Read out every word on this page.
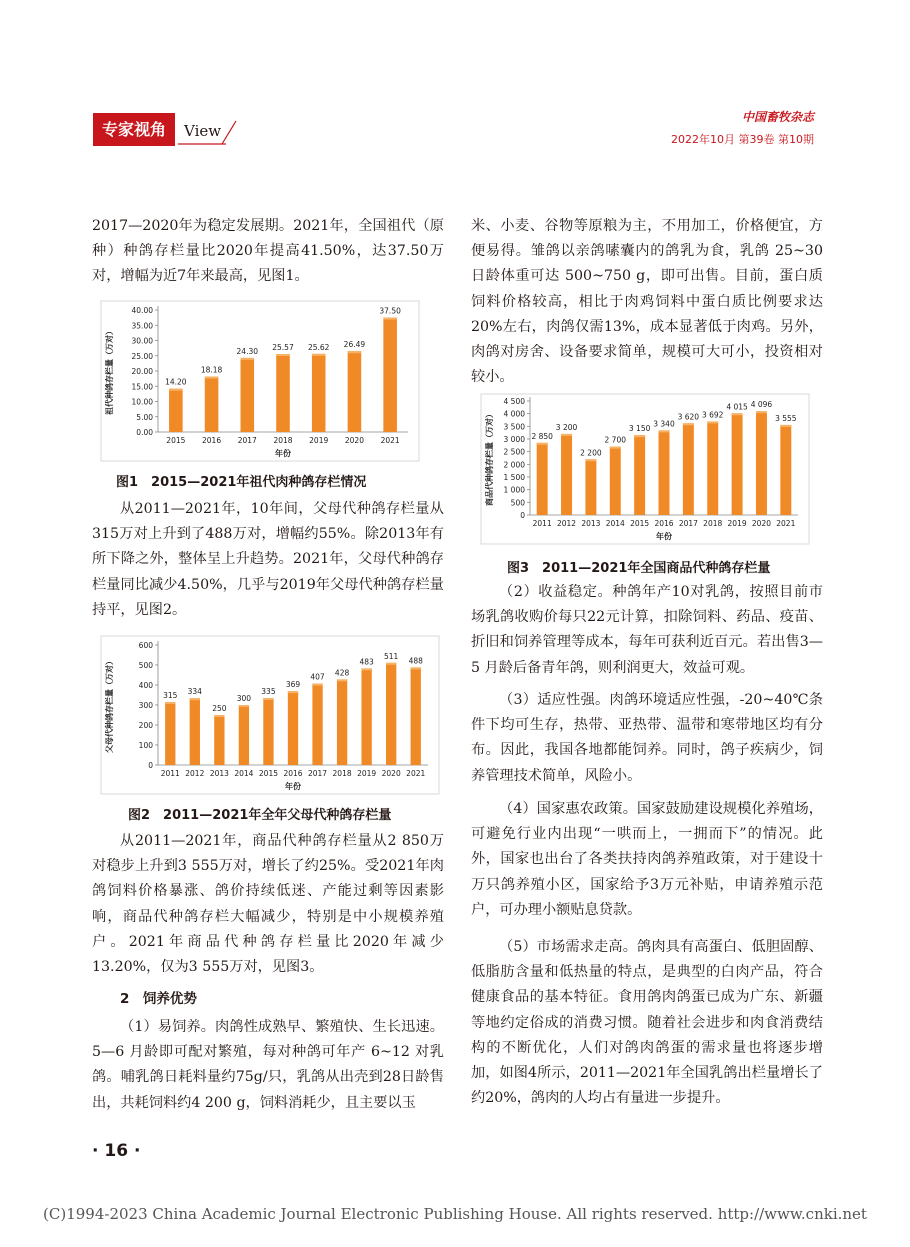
专家视角	View
中国畜牧杂志
2022年10月 第39卷 第10期
2017—2020年为稳定发展期。2021年，全国祖代（原种）种鸽存栏量比2020年提高41.50%，达37.50万对，增幅为近7年来最高，见图1。
0.00
5.00
10.00
15.00
20.00
25.00
30.00
35.00
40.00
14.20
2015
18.18
2016
24.30
2017
25.57
2018
25.62
2019
26.49
2020
37.50
2021
年份
祖代种鸽存栏量（万对）
图1　2015—2021年祖代肉种鸽存栏情况
从2011—2021年，10年间，父母代种鸽存栏量从315万对上升到了488万对，增幅约55%。除2013年有所下降之外，整体呈上升趋势。2021年，父母代种鸽存栏量同比减少4.50%，几乎与2019年父母代种鸽存栏量持平，见图2。
0
100
200
300
400
500
600
315
2011
334
2012
250
2013
300
2014
335
2015
369
2016
407
2017
428
2018
483
2019
511
2020
488
2021
年份
父母代种鸽存栏量（万对）
图2　2011—2021年全年父母代种鸽存栏量
从2011—2021年，商品代种鸽存栏量从2 850万对稳步上升到3 555万对，增长了约25%。受2021年肉鸽饲料价格暴涨、鸽价持续低迷、产能过剩等因素影响，商品代种鸽存栏大幅减少，特别是中小规模养殖户。2021年商品代种鸽存栏量比2020年减少13.20%，仅为3 555万对，见图3。
2　饲养优势
（1）易饲养。肉鸽性成熟早、繁殖快、生长迅速。5—6 月龄即可配对繁殖，每对种鸽可年产 6~12 对乳鸽。哺乳鸽日耗料量约75g/只，乳鸽从出壳到28日龄售出，共耗饲料约4 200 g，饲料消耗少，且主要以玉
米、小麦、谷物等原粮为主，不用加工，价格便宜，方便易得。雏鸽以亲鸽嗉囊内的鸽乳为食，乳鸽 25~30 日龄体重可达 500~750 g，即可出售。目前，蛋白质饲料价格较高，相比于肉鸡饲料中蛋白质比例要求达20%左右，肉鸽仅需13%，成本显著低于肉鸡。另外，肉鸽对房舍、设备要求简单，规模可大可小，投资相对较小。
0
500
1 000
1 500
2 000
2 500
3 000
3 500
4 000
4 500
2 850
2011
3 200
2012
2 200
2013
2 700
2014
3 150
2015
3 340
2016
3 620
2017
3 692
2018
4 015
2019
4 096
2020
3 555
2021
年份
商品代种鸽存栏量（万对）
图3　2011—2021年全国商品代种鸽存栏量
（2）收益稳定。种鸽年产10对乳鸽，按照目前市场乳鸽收购价每只22元计算，扣除饲料、药品、疫苗、折旧和饲养管理等成本，每年可获利近百元。若出售3—5 月龄后备青年鸽，则利润更大，效益可观。
（3）适应性强。肉鸽环境适应性强，-20~40℃条件下均可生存，热带、亚热带、温带和寒带地区均有分布。因此，我国各地都能饲养。同时，鸽子疾病少，饲养管理技术简单，风险小。
（4）国家惠农政策。国家鼓励建设规模化养殖场，可避免行业内出现“一哄而上，一拥而下”的情况。此外，国家也出台了各类扶持肉鸽养殖政策，对于建设十万只鸽养殖小区，国家给予3万元补贴，申请养殖示范户，可办理小额贴息贷款。
（5）市场需求走高。鸽肉具有高蛋白、低胆固醇、低脂肪含量和低热量的特点，是典型的白肉产品，符合健康食品的基本特征。食用鸽肉鸽蛋已成为广东、新疆等地约定俗成的消费习惯。随着社会进步和肉食消费结构的不断优化，人们对鸽肉鸽蛋的需求量也将逐步增加，如图4所示，2011—2021年全国乳鸽出栏量增长了约20%，鸽肉的人均占有量进一步提升。
· 16 ·
(C)1994-2023 China Academic Journal Electronic Publishing House. All rights reserved. http://www.cnki.net
